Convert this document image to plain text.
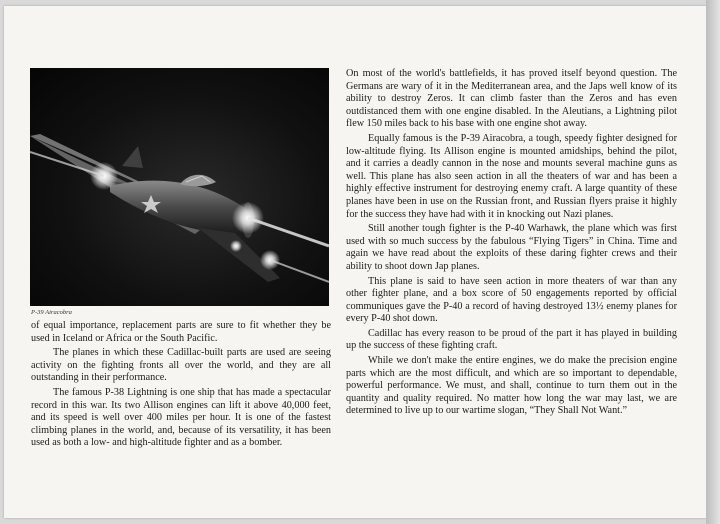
P-39 Airacobra

of equal importance, replacement parts are sure to fit whether they be used in Iceland or Africa or the South Pacific.

The planes in which these Cadillac-built parts are used are seeing activity on the fighting fronts all over the world, and they are all outstanding in their performance.

The famous P-38 Lightning is one ship that has made a spectacular record in this war. Its two Allison engines can lift it above 40,000 feet, and its speed is well over 400 miles per hour. It is one of the fastest climbing planes in the world, and, because of its versatility, it has been used as both a low- and high-altitude fighter and as a bomber.

On most of the world's battlefields, it has proved itself beyond question. The Germans are wary of it in the Mediterranean area, and the Japs well know of its ability to destroy Zeros. It can climb faster than the Zeros and has even outdistanced them with one engine disabled. In the Aleutians, a Lightning pilot flew 150 miles back to his base with one engine shot away.

Equally famous is the P-39 Airacobra, a tough, speedy fighter designed for low-altitude flying. Its Allison engine is mounted amidships, behind the pilot, and it carries a deadly cannon in the nose and mounts several machine guns as well. This plane has also seen action in all the theaters of war and has been a highly effective instrument for destroying enemy craft. A large quantity of these planes have been in use on the Russian front, and Russian flyers praise it highly for the success they have had with it in knocking out Nazi planes.

Still another tough fighter is the P-40 Warhawk, the plane which was first used with so much success by the fabulous “Flying Tigers” in China. Time and again we have read about the exploits of these daring fighter crews and their ability to shoot down Jap planes.

This plane is said to have seen action in more theaters of war than any other fighter plane, and a box score of 50 engagements reported by official communiques gave the P-40 a record of having destroyed 13½ enemy planes for every P-40 shot down.

Cadillac has every reason to be proud of the part it has played in building up the success of these fighting craft.

While we don't make the entire engines, we do make the precision engine parts which are the most difficult, and which are so important to dependable, powerful performance. We must, and shall, continue to turn them out in the quantity and quality required. No matter how long the war may last, we are determined to live up to our wartime slogan, “They Shall Not Want.”
